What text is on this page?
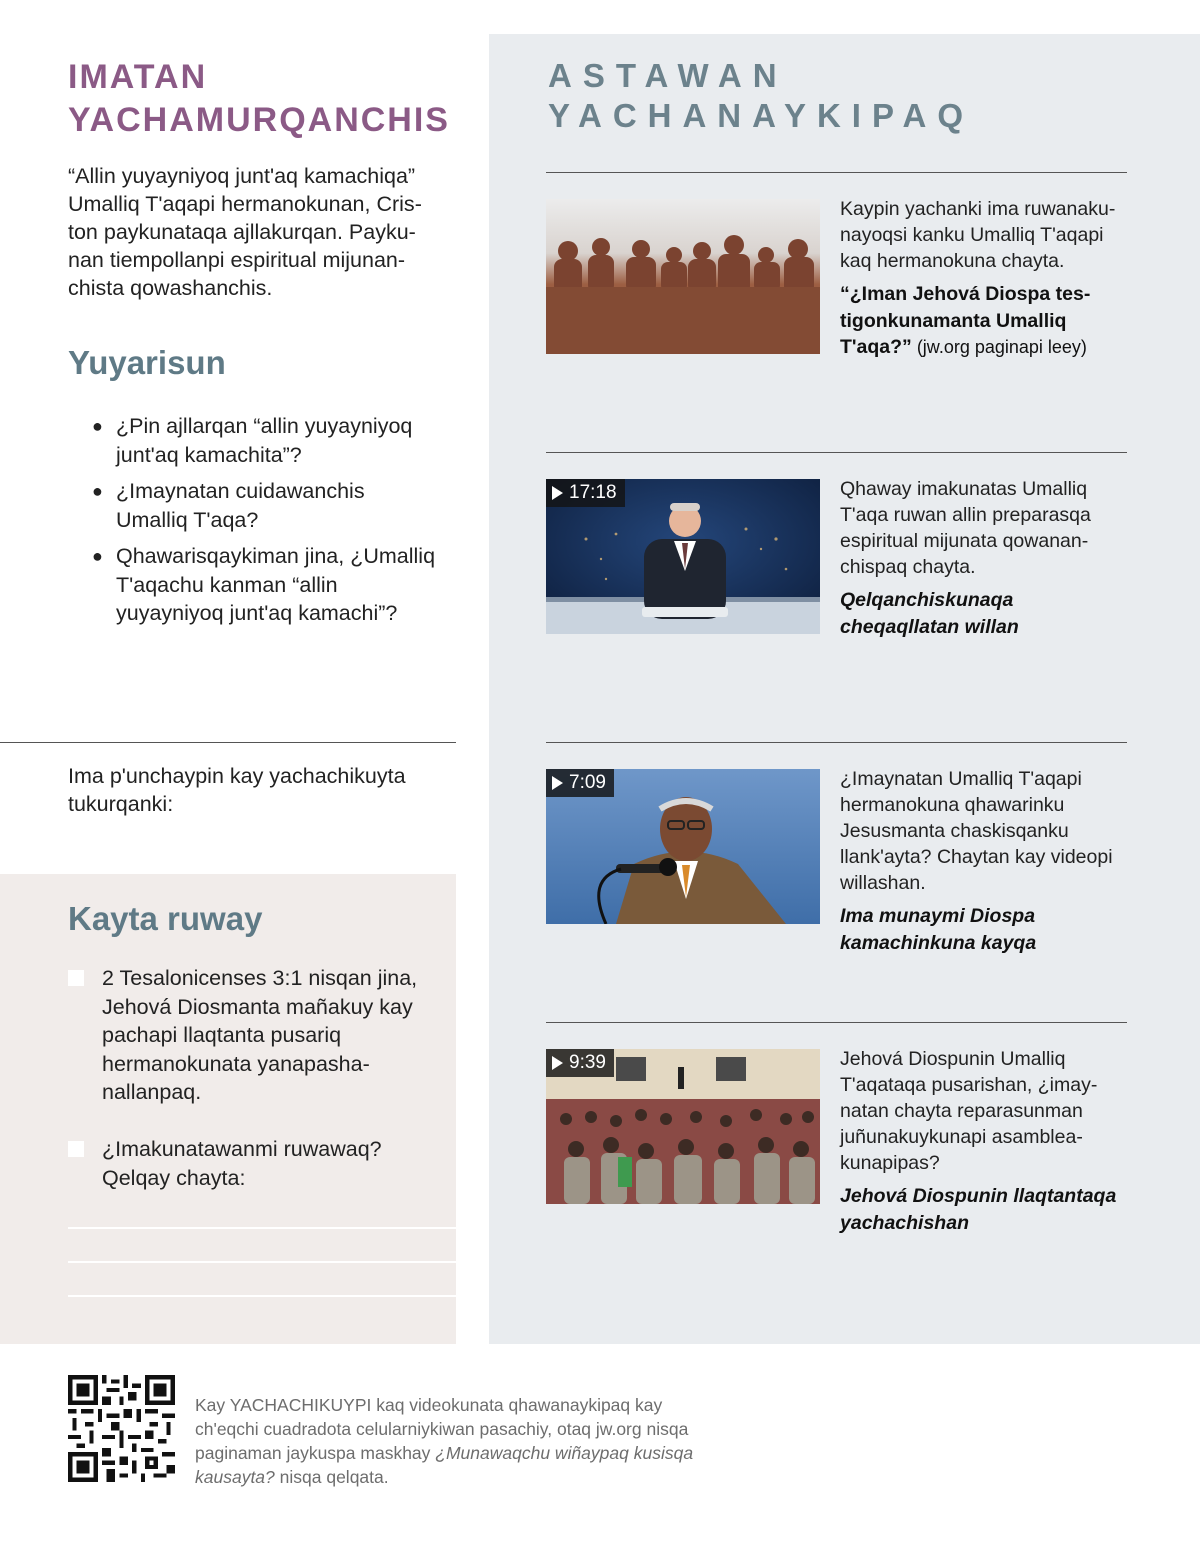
IMATAN
YACHAMURQANCHIS

“Allin yuyayniyoq junt'aq kamachiqa” Umalliq T'aqapi hermanokunan, Criston paykunataqa ajllakurqan. Paykunan tiempollanpi espiritual mijunanchista qowashanchis.

Yuyarisun
● ¿Pin ajllarqan “allin yuyayniyoq junt'aq kamachita”?
● ¿Imaynatan cuidawanchis Umalliq T'aqa?
● Qhawarisqaykiman jina, ¿Umalliq T'aqachu kanman “allin yuyayniyoq junt'aq kamachi”?

Ima p'unchaypin kay yachachikuyta tukurqanki:

Kayta ruway
2 Tesalonicenses 3:1 nisqan jina, Jehová Diosmanta mañakuy kay pachapi llaqtanta pusariq hermanokunata yanapashanallanpaq.
¿Imakunatawanmi ruwawaq? Qelqay chayta:
ASTAWAN
YACHANAYKIPAQ

Kaypin yachanki ima ruwanakunayoqsi kanku Umalliq T'aqapi kaq hermanokuna chayta.

“¿Iman Jehová Diospa testigonkunamanta Umalliq T'aqa?” (jw.org paginapi leey)

17:18	Qhaway imakunatas Umalliq T'aqa ruwan allin preparasqa espiritual mijunata qowananchispaq chayta.

Qelqanchiskunaqa cheqaqllatan willan

7:09	¿Imaynatan Umalliq T'aqapi hermanokuna qhawarinku Jesusmanta chaskisqanku llank'ayta? Chaytan kay videopi willashan.

Ima munaymi Diospa kamachinkuna kayqa

9:39	Jehová Diospunin Umalliq T'aqataqa pusarishan, ¿imaynatan chayta reparasunman juñunakuykunapi asambleakunapipas?

Jehová Diospunin llaqtantaqa yachachishan

Kay YACHACHIKUYPI kaq videokunata qhawanaykipaq kay ch'eqchi cuadradota celularniykiwan pasachiy, otaq jw.org nisqa paginaman jaykuspa maskhay ¿Munawaqchu wiñaypaq kusisqa kausayta? nisqa qelqata.
